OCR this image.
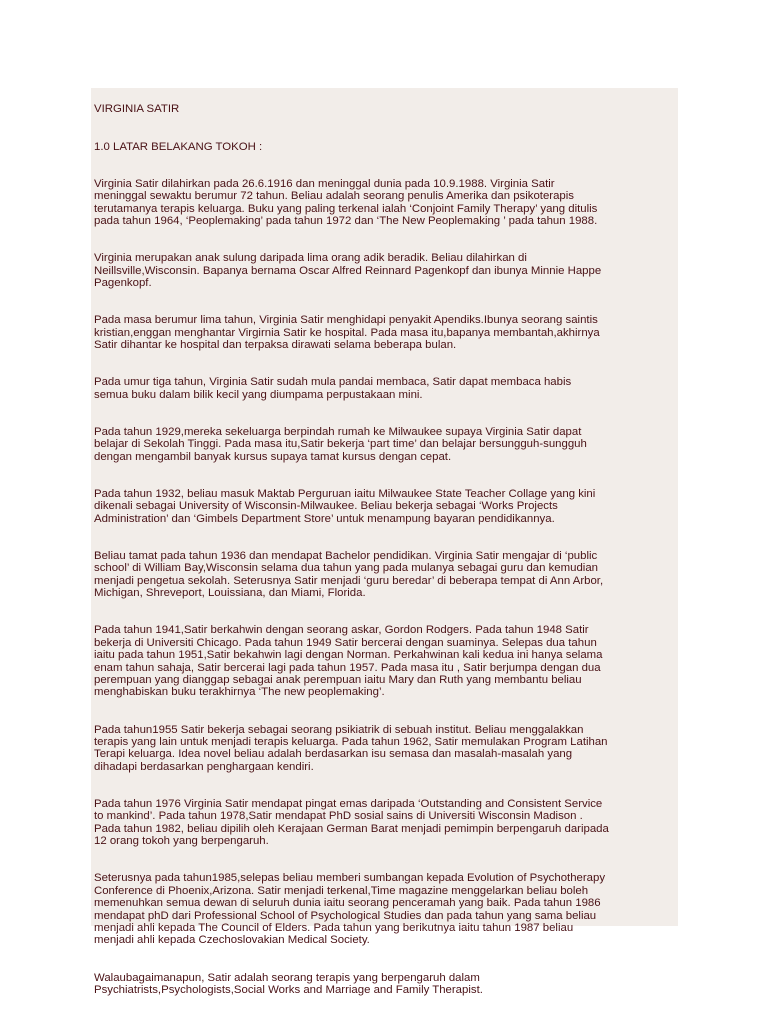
VIRGINIA SATIR

1.0 LATAR BELAKANG TOKOH :

Virginia Satir dilahirkan pada 26.6.1916 dan meninggal dunia pada 10.9.1988. Virginia Satir
meninggal sewaktu berumur 72 tahun. Beliau adalah seorang penulis Amerika dan psikoterapis
terutamanya terapis keluarga. Buku yang paling terkenal ialah ‘Conjoint Family Therapy’ yang ditulis
pada tahun 1964, ‘Peoplemaking’ pada tahun 1972 dan ‘The New Peoplemaking ’ pada tahun 1988.

Virginia merupakan anak sulung daripada lima orang adik beradik. Beliau dilahirkan di
Neillsville,Wisconsin. Bapanya bernama Oscar Alfred Reinnard Pagenkopf dan ibunya Minnie Happe
Pagenkopf.

Pada masa berumur lima tahun, Virginia Satir menghidapi penyakit Apendiks.Ibunya seorang saintis
kristian,enggan menghantar Virgirnia Satir ke hospital. Pada masa itu,bapanya membantah,akhirnya
Satir dihantar ke hospital dan terpaksa dirawati selama beberapa bulan.

Pada umur tiga tahun, Virginia Satir sudah mula pandai membaca, Satir dapat membaca habis
semua buku dalam bilik kecil yang diumpama perpustakaan mini.

Pada tahun 1929,mereka sekeluarga berpindah rumah ke Milwaukee supaya Virginia Satir dapat
belajar di Sekolah Tinggi. Pada masa itu,Satir bekerja ‘part time’ dan belajar bersungguh-sungguh
dengan mengambil banyak kursus supaya tamat kursus dengan cepat.

Pada tahun 1932, beliau masuk Maktab Perguruan iaitu Milwaukee State Teacher Collage yang kini
dikenali sebagai University of Wisconsin-Milwaukee. Beliau bekerja sebagai ‘Works Projects
Administration’ dan ‘Gimbels Department Store’ untuk menampung bayaran pendidikannya.

Beliau tamat pada tahun 1936 dan mendapat Bachelor pendidikan. Virginia Satir mengajar di ‘public
school’ di William Bay,Wisconsin selama dua tahun yang pada mulanya sebagai guru dan kemudian
menjadi pengetua sekolah. Seterusnya Satir menjadi ‘guru beredar’ di beberapa tempat di Ann Arbor,
Michigan, Shreveport, Louissiana, dan Miami, Florida.

Pada tahun 1941,Satir berkahwin dengan seorang askar, Gordon Rodgers. Pada tahun 1948 Satir
bekerja di Universiti Chicago. Pada tahun 1949 Satir bercerai dengan suaminya. Selepas dua tahun
iaitu pada tahun 1951,Satir bekahwin lagi dengan Norman. Perkahwinan kali kedua ini hanya selama
enam tahun sahaja, Satir bercerai lagi pada tahun 1957. Pada masa itu , Satir berjumpa dengan dua
perempuan yang dianggap sebagai anak perempuan iaitu Mary dan Ruth yang membantu beliau
menghabiskan buku terakhirnya ‘The new peoplemaking’.

Pada tahun1955 Satir bekerja sebagai seorang psikiatrik di sebuah institut. Beliau menggalakkan
terapis yang lain untuk menjadi terapis keluarga. Pada tahun 1962, Satir memulakan Program Latihan
Terapi keluarga. Idea novel beliau adalah berdasarkan isu semasa dan masalah-masalah yang
dihadapi berdasarkan penghargaan kendiri.

Pada tahun 1976 Virginia Satir mendapat pingat emas daripada ‘Outstanding and Consistent Service
to mankind’. Pada tahun 1978,Satir mendapat PhD sosial sains di Universiti Wisconsin Madison .
Pada tahun 1982, beliau dipilih oleh Kerajaan German Barat menjadi pemimpin berpengaruh daripada
12 orang tokoh yang berpengaruh.

Seterusnya pada tahun1985,selepas beliau memberi sumbangan kepada Evolution of Psychotherapy
Conference di Phoenix,Arizona. Satir menjadi terkenal,Time magazine menggelarkan beliau boleh
memenuhkan semua dewan di seluruh dunia iaitu seorang penceramah yang baik. Pada tahun 1986
mendapat phD dari Professional School of Psychological Studies dan pada tahun yang sama beliau
menjadi ahli kepada The Council of Elders. Pada tahun yang berikutnya iaitu tahun 1987 beliau
menjadi ahli kepada Czechoslovakian Medical Society.

Walaubagaimanapun, Satir adalah seorang terapis yang berpengaruh dalam
Psychiatrists,Psychologists,Social Works and Marriage and Family Therapist.
